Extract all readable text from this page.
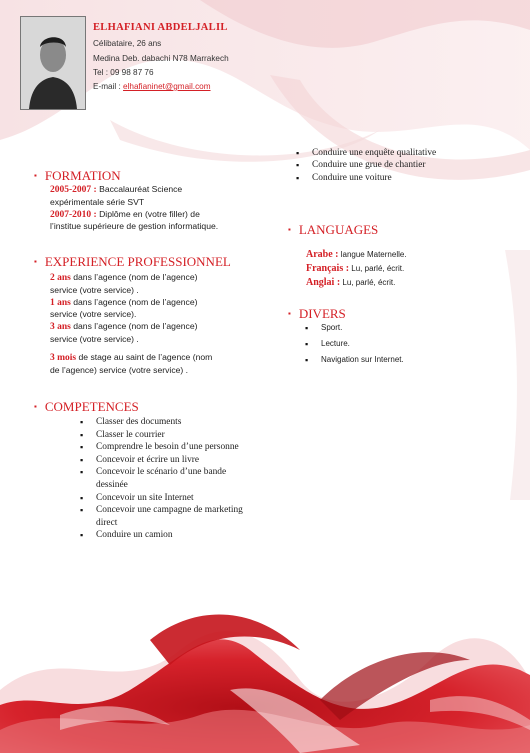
ELHAFIANI ABDELJALIL
Célibataire, 26 ans
Medina Deb. dabachi N78 Marrakech
Tel : 09 98 87 76
E-mail : elhafianinet@gmail.com
▪ FORMATION
2005-2007 : Baccalauréat Science
expérimentale série SVT
2007-2010 : Diplôme en (votre filler) de
l’institue supérieure de gestion informatique.
▪ EXPERIENCE PROFESSIONNEL
2 ans dans l’agence (nom de l’agence)
service (votre service) .
1 ans dans l’agence (nom de l’agence)
service (votre service).
3 ans dans l’agence (nom de l’agence)
service (votre service) .
3 mois de stage au saint de l’agence (nom
de l’agence) service (votre service) .
▪ COMPETENCES
▪ Classer des documents
▪ Classer le courrier
▪ Comprendre le besoin d’une personne
▪ Concevoir et écrire un livre
▪ Concevoir le scénario d’une bande dessinée
▪ Concevoir un site Internet
▪ Concevoir une campagne de marketing direct
▪ Conduire un camion
▪ Conduire une enquête qualitative
▪ Conduire une grue de chantier
▪ Conduire une voiture
▪ LANGUAGES
Arabe : langue Maternelle.
Français : Lu, parlé, écrit.
Anglai : Lu, parlé, écrit.
▪ DIVERS
▪ Sport.
▪ Lecture.
▪ Navigation sur Internet.
